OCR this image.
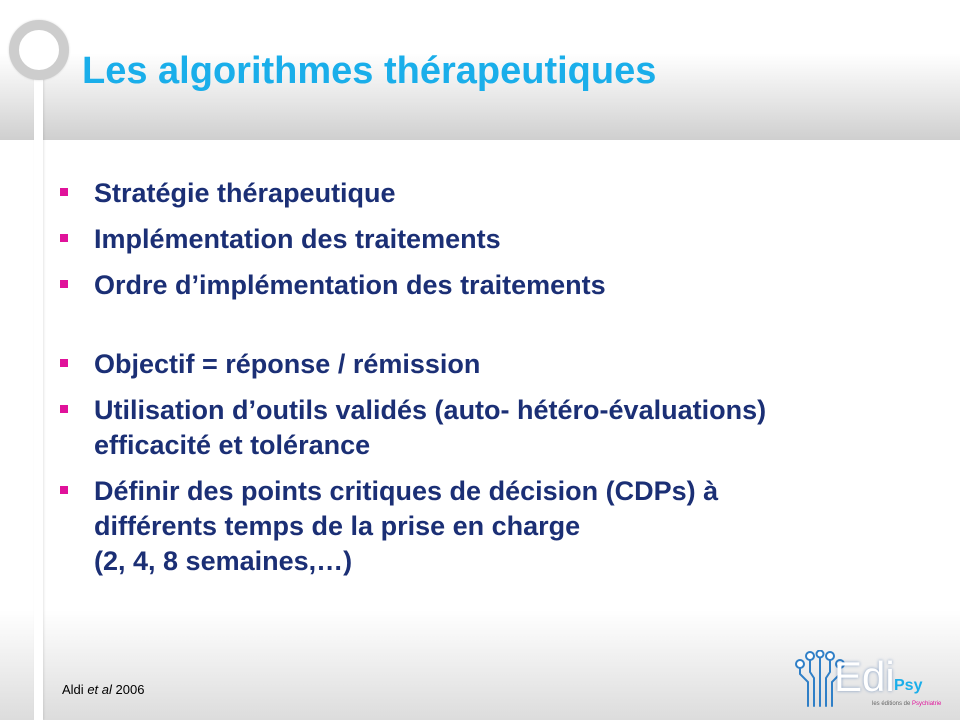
Les algorithmes thérapeutiques
Stratégie thérapeutique
Implémentation des traitements
Ordre d’implémentation des traitements
Objectif = réponse / rémission
Utilisation d’outils validés (auto- hétéro-évaluations)
efficacité et tolérance
Définir des points critiques de décision (CDPs) à
différents temps de la prise en charge
(2, 4, 8 semaines,…)
Aldi et al 2006	Edi Psy
les éditions de Psychiatrie
